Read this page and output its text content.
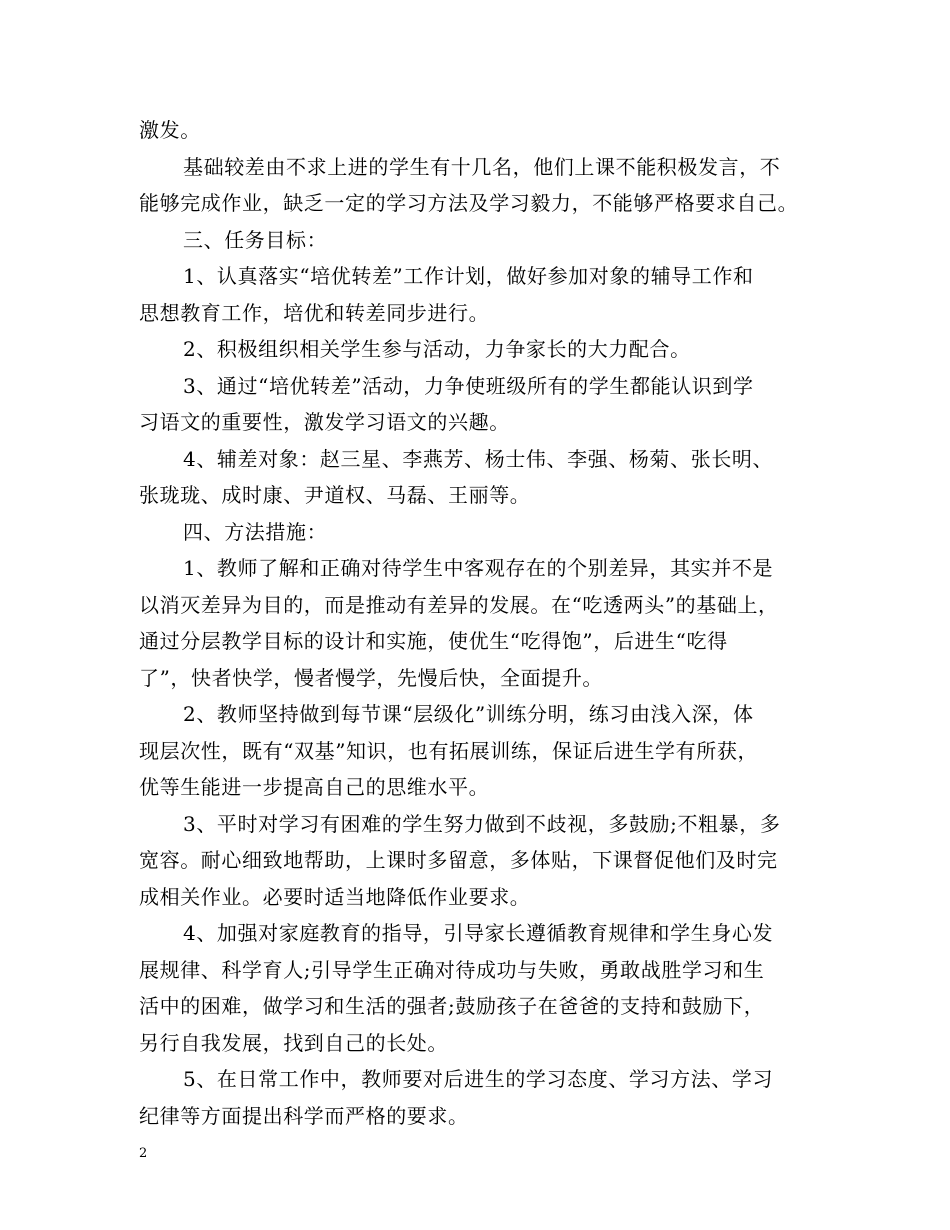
激发。
基础较差由不求上进的学生有十几名，他们上课不能积极发言，不
能够完成作业，缺乏一定的学习方法及学习毅力，不能够严格要求自己。
三、任务目标：
1、认真落实“培优转差”工作计划，做好参加对象的辅导工作和
思想教育工作，培优和转差同步进行。
2、积极组织相关学生参与活动，力争家长的大力配合。
3、通过“培优转差”活动，力争使班级所有的学生都能认识到学
习语文的重要性，激发学习语文的兴趣。
4、辅差对象：赵三星、李燕芳、杨士伟、李强、杨菊、张长明、
张珑珑、成时康、尹道权、马磊、王丽等。
四、方法措施：
1、教师了解和正确对待学生中客观存在的个别差异，其实并不是
以消灭差异为目的，而是推动有差异的发展。在“吃透两头”的基础上，
通过分层教学目标的设计和实施，使优生“吃得饱”，后进生“吃得
了”，快者快学，慢者慢学，先慢后快，全面提升。
2、教师坚持做到每节课“层级化”训练分明，练习由浅入深，体
现层次性，既有“双基”知识，也有拓展训练，保证后进生学有所获，
优等生能进一步提高自己的思维水平。
3、平时对学习有困难的学生努力做到不歧视，多鼓励;不粗暴，多
宽容。耐心细致地帮助，上课时多留意，多体贴，下课督促他们及时完
成相关作业。必要时适当地降低作业要求。
4、加强对家庭教育的指导，引导家长遵循教育规律和学生身心发
展规律、科学育人;引导学生正确对待成功与失败，勇敢战胜学习和生
活中的困难，做学习和生活的强者;鼓励孩子在爸爸的支持和鼓励下，
另行自我发展，找到自己的长处。
5、在日常工作中，教师要对后进生的学习态度、学习方法、学习
纪律等方面提出科学而严格的要求。
2
